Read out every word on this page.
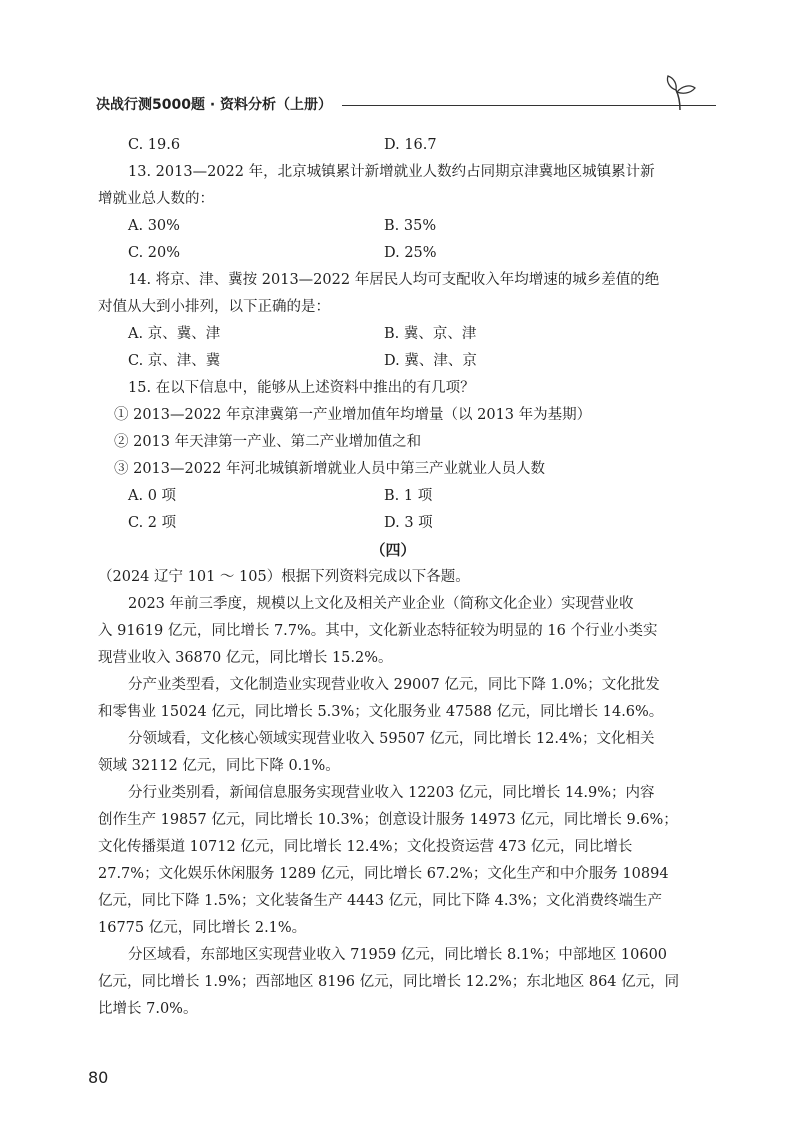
决战行测5000题 · 资料分析（上册）
C. 19.6	D. 16.7
13. 2013—2022 年，北京城镇累计新增就业人数约占同期京津冀地区城镇累计新
增就业总人数的：
A. 30%	B. 35%
C. 20%	D. 25%
14. 将京、津、冀按 2013—2022 年居民人均可支配收入年均增速的城乡差值的绝
对值从大到小排列，以下正确的是：
A. 京、冀、津	B. 冀、京、津
C. 京、津、冀	D. 冀、津、京
15. 在以下信息中，能够从上述资料中推出的有几项？
① 2013—2022 年京津冀第一产业增加值年均增量（以 2013 年为基期）
② 2013 年天津第一产业、第二产业增加值之和
③ 2013—2022 年河北城镇新增就业人员中第三产业就业人员人数
A. 0 项	B. 1 项
C. 2 项	D. 3 项
（四）
（2024 辽宁 101 ～ 105）根据下列资料完成以下各题。
2023 年前三季度，规模以上文化及相关产业企业（简称文化企业）实现营业收
入 91619 亿元，同比增长 7.7%。其中，文化新业态特征较为明显的 16 个行业小类实
现营业收入 36870 亿元，同比增长 15.2%。
分产业类型看，文化制造业实现营业收入 29007 亿元，同比下降 1.0%；文化批发
和零售业 15024 亿元，同比增长 5.3%；文化服务业 47588 亿元，同比增长 14.6%。
分领域看，文化核心领域实现营业收入 59507 亿元，同比增长 12.4%；文化相关
领域 32112 亿元，同比下降 0.1%。
分行业类别看，新闻信息服务实现营业收入 12203 亿元，同比增长 14.9%；内容
创作生产 19857 亿元，同比增长 10.3%；创意设计服务 14973 亿元，同比增长 9.6%；
文化传播渠道 10712 亿元，同比增长 12.4%；文化投资运营 473 亿元，同比增长
27.7%；文化娱乐休闲服务 1289 亿元，同比增长 67.2%；文化生产和中介服务 10894
亿元，同比下降 1.5%；文化装备生产 4443 亿元，同比下降 4.3%；文化消费终端生产
16775 亿元，同比增长 2.1%。
分区域看，东部地区实现营业收入 71959 亿元，同比增长 8.1%；中部地区 10600
亿元，同比增长 1.9%；西部地区 8196 亿元，同比增长 12.2%；东北地区 864 亿元，同
比增长 7.0%。
80
